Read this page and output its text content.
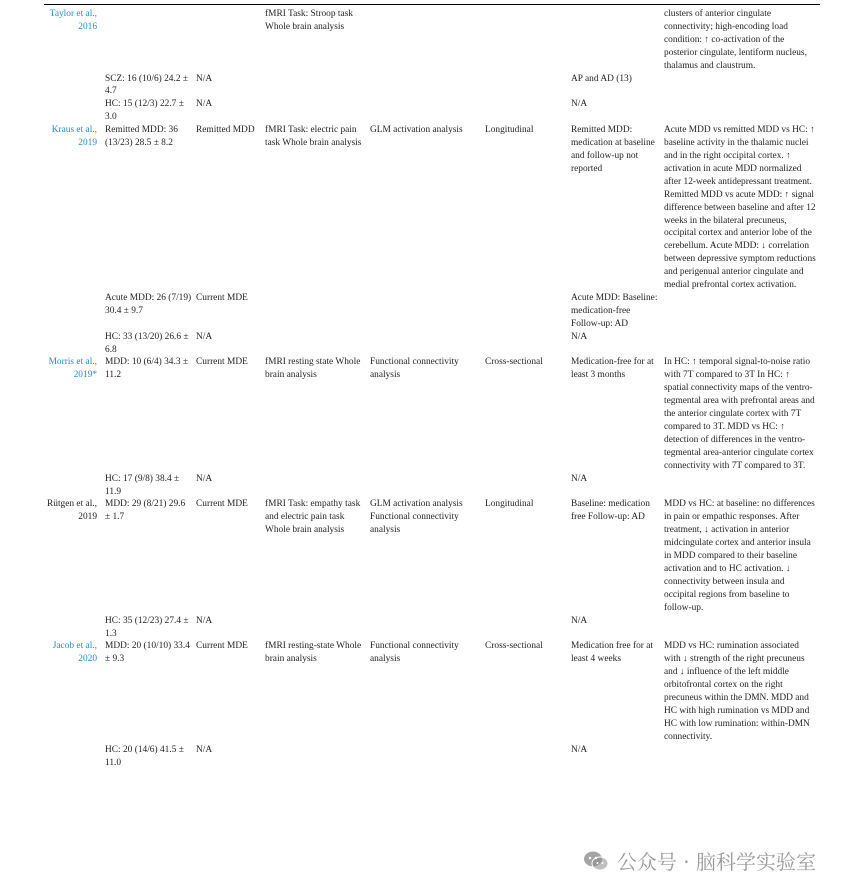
Taylor et al., 2016			fMRI Task: Stroop task Whole brain analysis				clusters of anterior cingulate connectivity; high-encoding load condition: ↑ co-activation of the posterior cingulate, lentiform nucleus, thalamus and claustrum.
	SCZ: 16 (10/6) 24.2 ± 4.7	N/A				AP and AD (13)	
	HC: 15 (12/3) 22.7 ± 3.0	N/A				N/A	
Kraus et al., 2019	Remitted MDD: 36 (13/23) 28.5 ± 8.2	Remitted MDD	fMRI Task: electric pain task Whole brain analysis	GLM activation analysis	Longitudinal	Remitted MDD: medication at baseline and follow-up not reported	Acute MDD vs remitted MDD vs HC: ↑ baseline activity in the thalamic nuclei and in the right occipital cortex. ↑ activation in acute MDD normalized after 12-week antidepressant treatment. Remitted MDD vs acute MDD: ↑ signal difference between baseline and after 12 weeks in the bilateral precuneus, occipital cortex and anterior lobe of the cerebellum. Acute MDD: ↓ correlation between depressive symptom reductions and perigenual anterior cingulate and medial prefrontal cortex activation.
	Acute MDD: 26 (7/19) 30.4 ± 9.7	Current MDE				Acute MDD: Baseline: medication-free Follow-up: AD	
	HC: 33 (13/20) 26.6 ± 6.8	N/A				N/A	
Morris et al., 2019*	MDD: 10 (6/4) 34.3 ± 11.2	Current MDE	fMRI resting state Whole brain analysis	Functional connectivity analysis	Cross-sectional	Medication-free for at least 3 months	In HC: ↑ temporal signal-to-noise ratio with 7T compared to 3T In HC: ↑ spatial connectivity maps of the ventro-tegmental area with prefrontal areas and the anterior cingulate cortex with 7T compared to 3T. MDD vs HC: ↑ detection of differences in the ventro-tegmental area-anterior cingulate cortex connectivity with 7T compared to 3T.
	HC: 17 (9/8) 38.4 ± 11.9	N/A				N/A	
Rütgen et al., 2019	MDD: 29 (8/21) 29.6 ± 1.7	Current MDE	fMRI Task: empathy task and electric pain task Whole brain analysis	GLM activation analysis Functional connectivity analysis	Longitudinal	Baseline: medication free Follow-up: AD	MDD vs HC: at baseline: no differences in pain or empathic responses. After treatment, ↓ activation in anterior midcingulate cortex and anterior insula in MDD compared to their baseline activation and to HC activation. ↓ connectivity between insula and occipital regions from baseline to follow-up.
	HC: 35 (12/23) 27.4 ± 1.3	N/A				N/A	
Jacob et al., 2020	MDD: 20 (10/10) 33.4 ± 9.3	Current MDE	fMRI resting-state Whole brain analysis	Functional connectivity analysis	Cross-sectional	Medication free for at least 4 weeks	MDD vs HC: rumination associated with ↓ strength of the right precuneus and ↓ influence of the left middle orbitofrontal cortex on the right precuneus within the DMN. MDD and HC with high rumination vs MDD and HC with low rumination: within-DMN connectivity.
	HC: 20 (14/6) 41.5 ± 11.0	N/A				N/A	
公众号 · 脑科学实验室
